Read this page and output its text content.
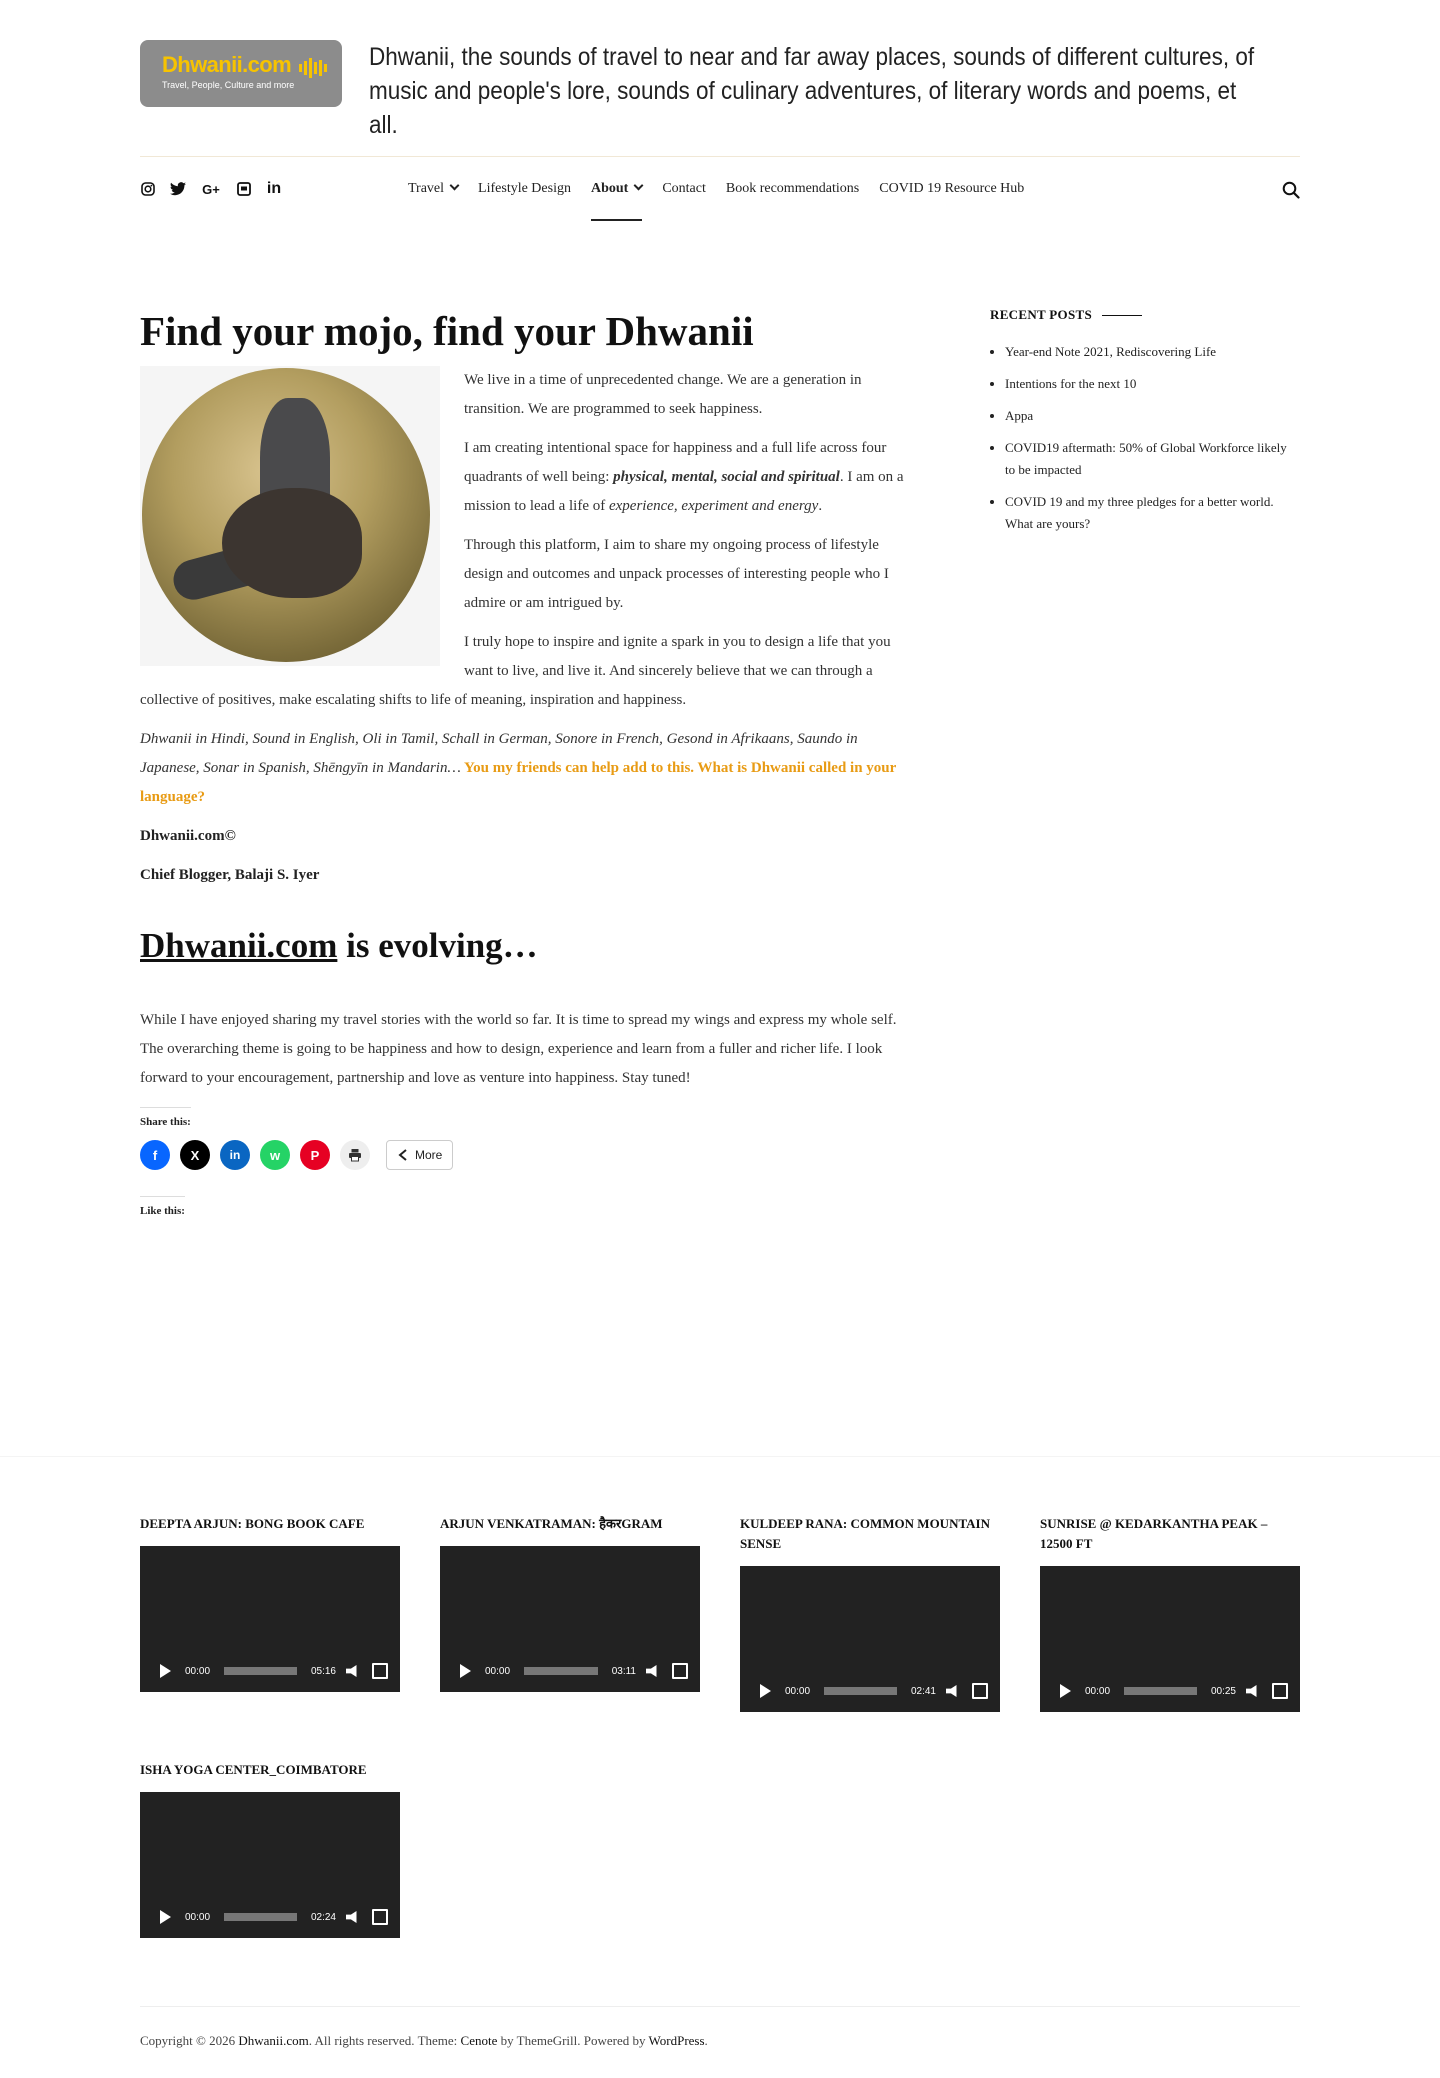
Dhwanii.com
Travel, People, Culture and more
Dhwanii, the sounds of travel to near and far away places, sounds of different cultures, of music and people's lore, sounds of culinary adventures, of literary words and poems, et all.
G+	in	Travel	Lifestyle Design About	Contact Book recommendations COVID 19 Resource Hub
Find your mojo, find your Dhwanii

We live in a time of unprecedented change. We are a generation in transition. We are programmed to seek happiness.

I am creating intentional space for happiness and a full life across four quadrants of well being: physical, mental, social and spiritual. I am on a mission to lead a life of experience, experiment and energy.

Through this platform, I aim to share my ongoing process of lifestyle design and outcomes and unpack processes of interesting people who I admire or am intrigued by.

I truly hope to inspire and ignite a spark in you to design a life that you want to live, and live it. And sincerely believe that we can through a collective of positives, make escalating shifts to life of meaning, inspiration and happiness.

Dhwanii in Hindi, Sound in English, Oli in Tamil, Schall in German, Sonore in French, Gesond in Afrikaans, Saundo in Japanese, Sonar in Spanish, Shēngyīn in Mandarin… You my friends can help add to this. What is Dhwanii called in your language?

Dhwanii.com©

Chief Blogger, Balaji S. Iyer

Dhwanii.com is evolving…

While I have enjoyed sharing my travel stories with the world so far. It is time to spread my wings and express my whole self. The overarching theme is going to be happiness and how to design, experience and learn from a fuller and richer life. I look forward to your encouragement, partnership and love as venture into happiness. Stay tuned!

Share this:
f	X	in	w	P	More
Like this:
RECENT POSTS
• Year-end Note 2021, Rediscovering Life
• Intentions for the next 10
• Appa
• COVID19 aftermath: 50% of Global Workforce likely to be impacted
• COVID 19 and my three pledges for a better world. What are yours?
DEEPTA ARJUN: BONG BOOK CAFE
00:00	05:16
ARJUN VENKATRAMAN: हैकरGRAM
00:00	03:11
KULDEEP RANA: COMMON MOUNTAIN SENSE
00:00	02:41
SUNRISE @ KEDARKANTHA PEAK – 12500 FT
00:00	00:25
ISHA YOGA CENTER_COIMBATORE
00:00	02:24
Copyright © 2026 Dhwanii.com. All rights reserved. Theme: Cenote by ThemeGrill. Powered by WordPress.
